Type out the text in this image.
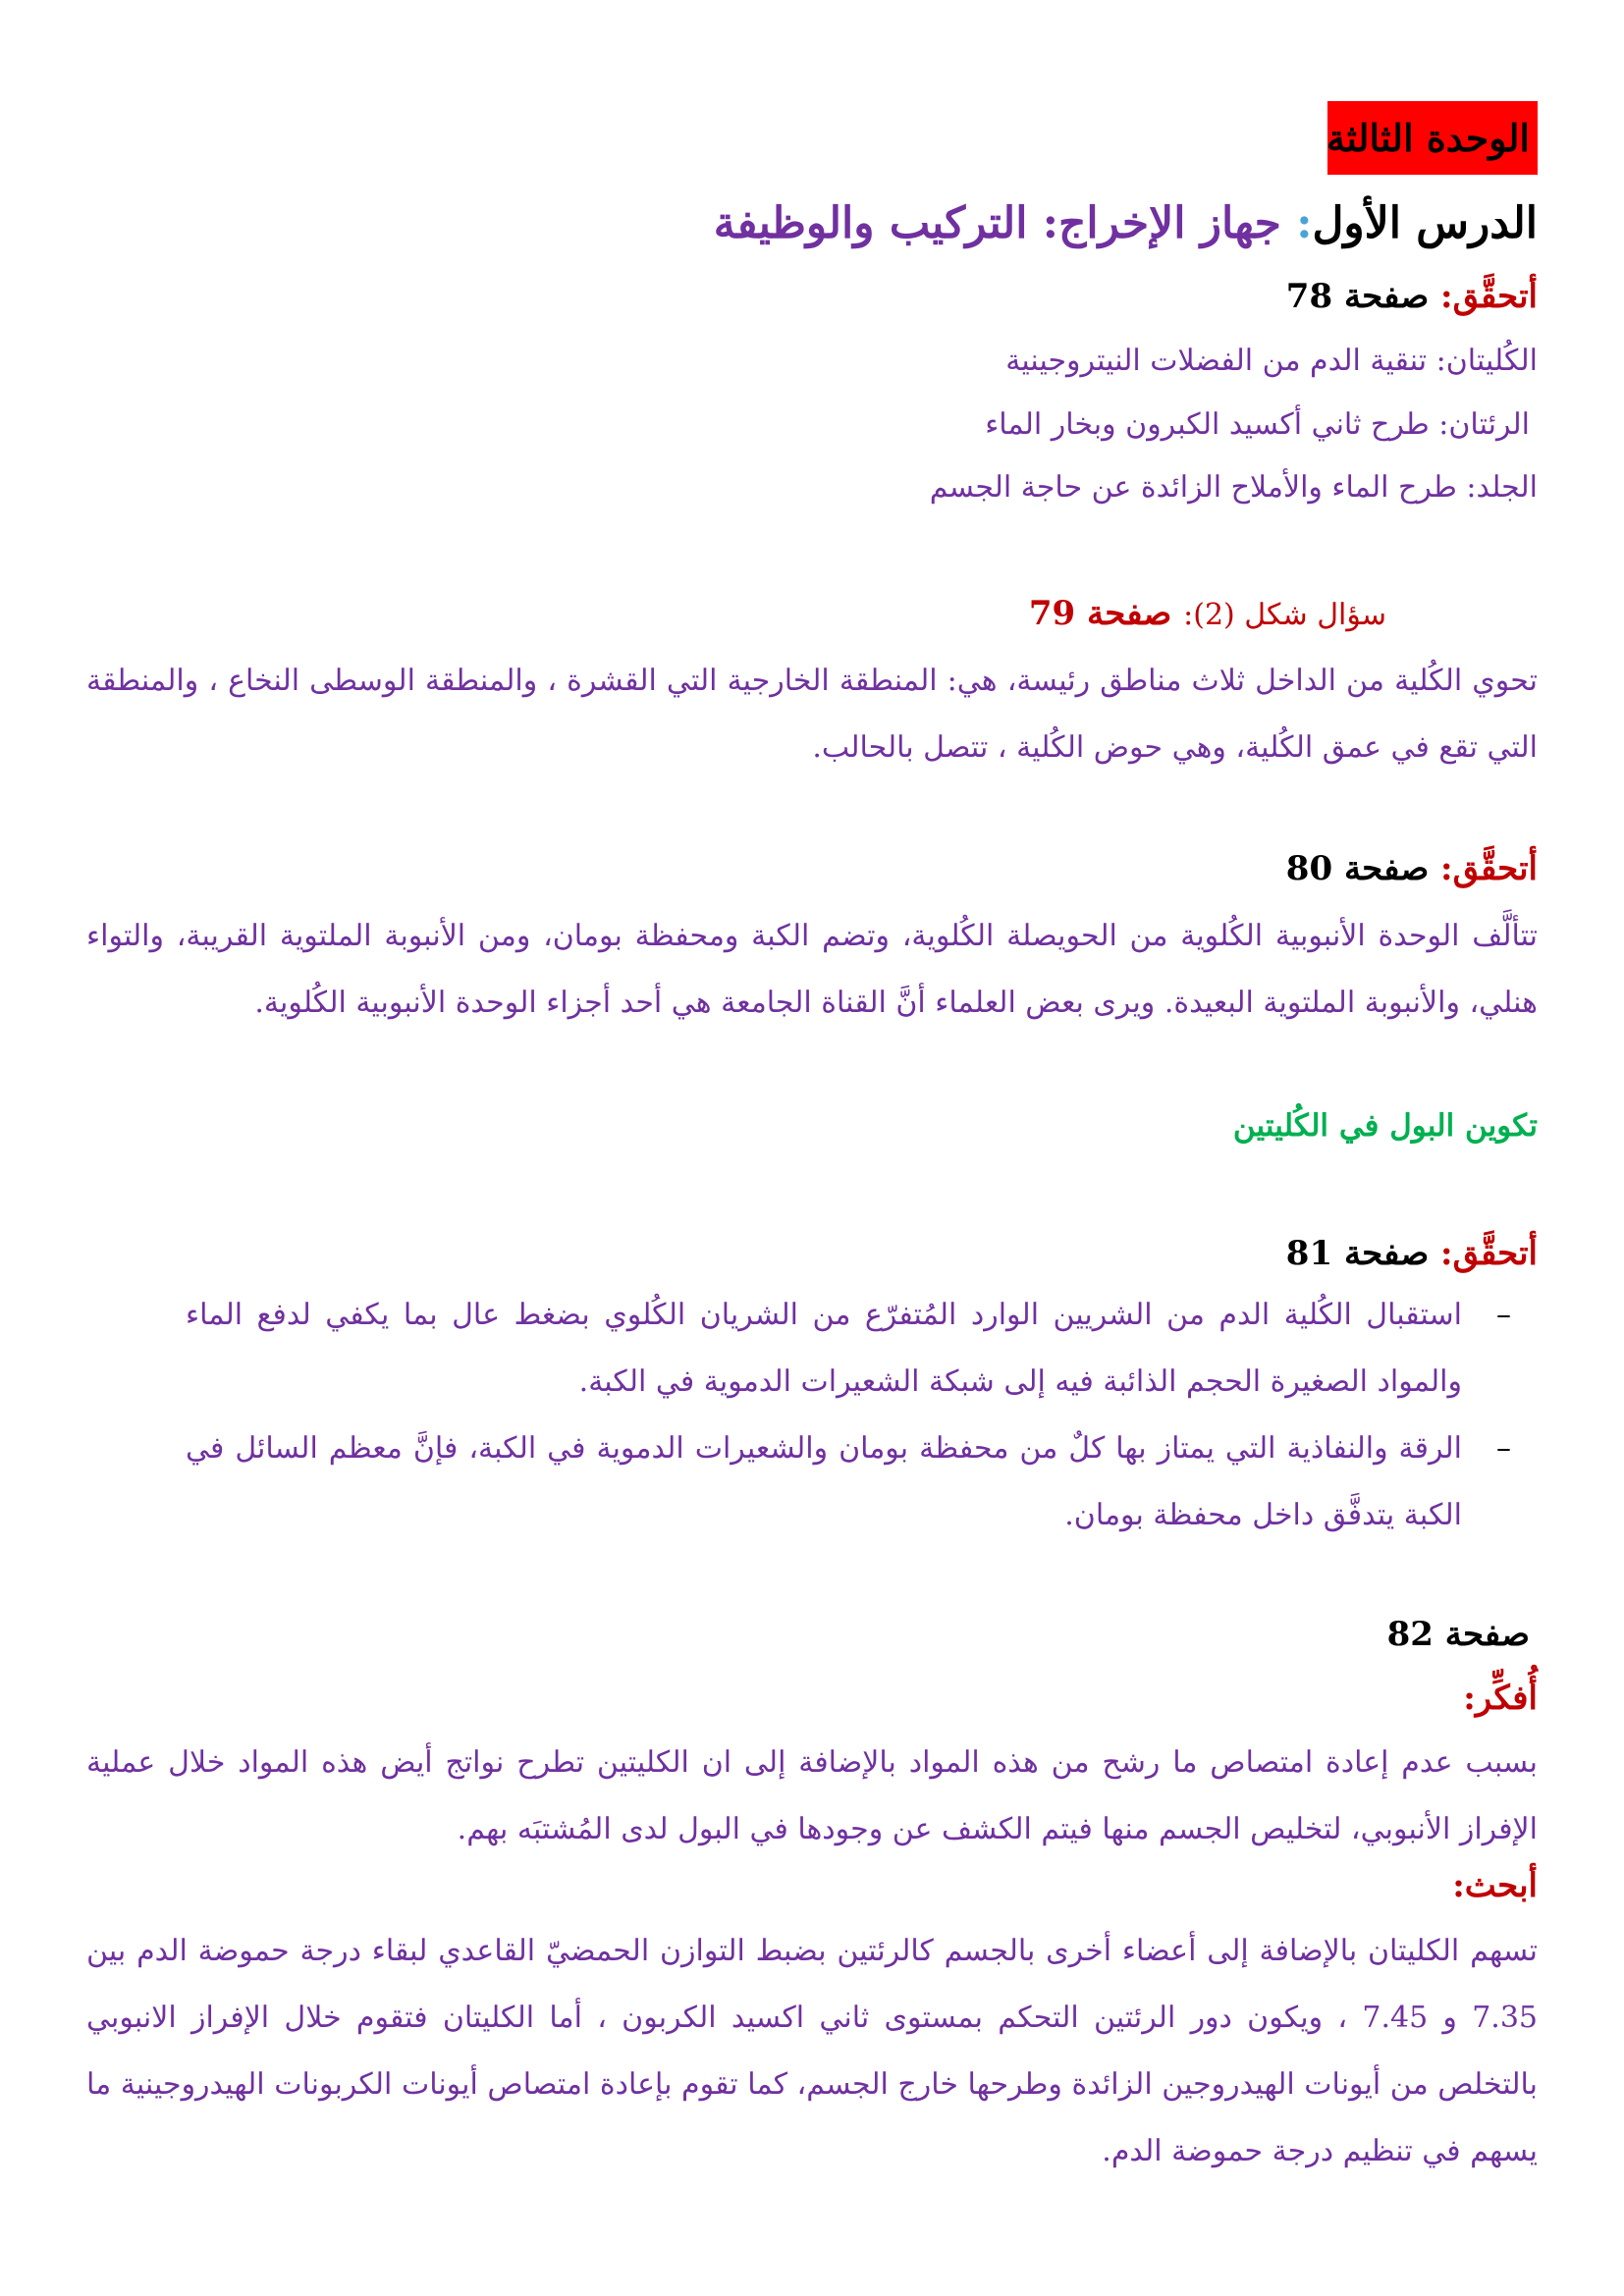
الوحدة الثالثة
الدرس الأول: جهاز الإخراج: التركيب والوظيفة
أتحقَّق: صفحة 78
الكُليتان: تنقية الدم من الفضلات النيتروجينية
الرئتان: طرح ثاني أكسيد الكبرون وبخار الماء
الجلد: طرح الماء والأملاح الزائدة عن حاجة الجسم
سؤال شكل (2): صفحة 79
تحوي الكُلية من الداخل ثلاث مناطق رئيسة، هي: المنطقة الخارجية التي القشرة ، والمنطقة الوسطى النخاع ، والمنطقة التي تقع في عمق الكُلية، وهي حوض الكُلية ، تتصل بالحالب.
أتحقَّق: صفحة 80
تتألَّف الوحدة الأنبوبية الكُلوية من الحويصلة الكُلوية، وتضم الكبة ومحفظة بومان، ومن الأنبوبة الملتوية القريبة، والتواء هنلي، والأنبوبة الملتوية البعيدة. ويرى بعض العلماء أنَّ القناة الجامعة هي أحد أجزاء الوحدة الأنبوبية الكُلوية.
تكوين البول في الكُليتين
أتحقَّق: صفحة 81
–
استقبال الكُلية الدم من الشريين الوارد المُتفرّع من الشريان الكُلوي بضغط عال بما يكفي لدفع الماء والمواد الصغيرة الحجم الذائبة فيه إلى شبكة الشعيرات الدموية في الكبة.
–
الرقة والنفاذية التي يمتاز بها كلٌ من محفظة بومان والشعيرات الدموية في الكبة، فإنَّ معظم السائل في الكبة يتدفَّق داخل محفظة بومان.
صفحة 82
أُفكِّر:
بسبب عدم إعادة امتصاص ما رشح من هذه المواد بالإضافة إلى ان الكليتين تطرح نواتج أيض هذه المواد خلال عملية الإفراز الأنبوبي، لتخليص الجسم منها فيتم الكشف عن وجودها في البول لدى المُشتبَه بهم.
أبحث:
تسهم الكليتان بالإضافة إلى أعضاء أخرى بالجسم كالرئتين بضبط التوازن الحمضيّ القاعدي لبقاء درجة حموضة الدم بين 7.35 و 7.45 ، ويكون دور الرئتين التحكم بمستوى ثاني اكسيد الكربون ، أما الكليتان فتقوم خلال الإفراز الانبوبي بالتخلص من أيونات الهيدروجين الزائدة وطرحها خارج الجسم، كما تقوم بإعادة امتصاص أيونات الكربونات الهيدروجينية ما يسهم في تنظيم درجة حموضة الدم.
